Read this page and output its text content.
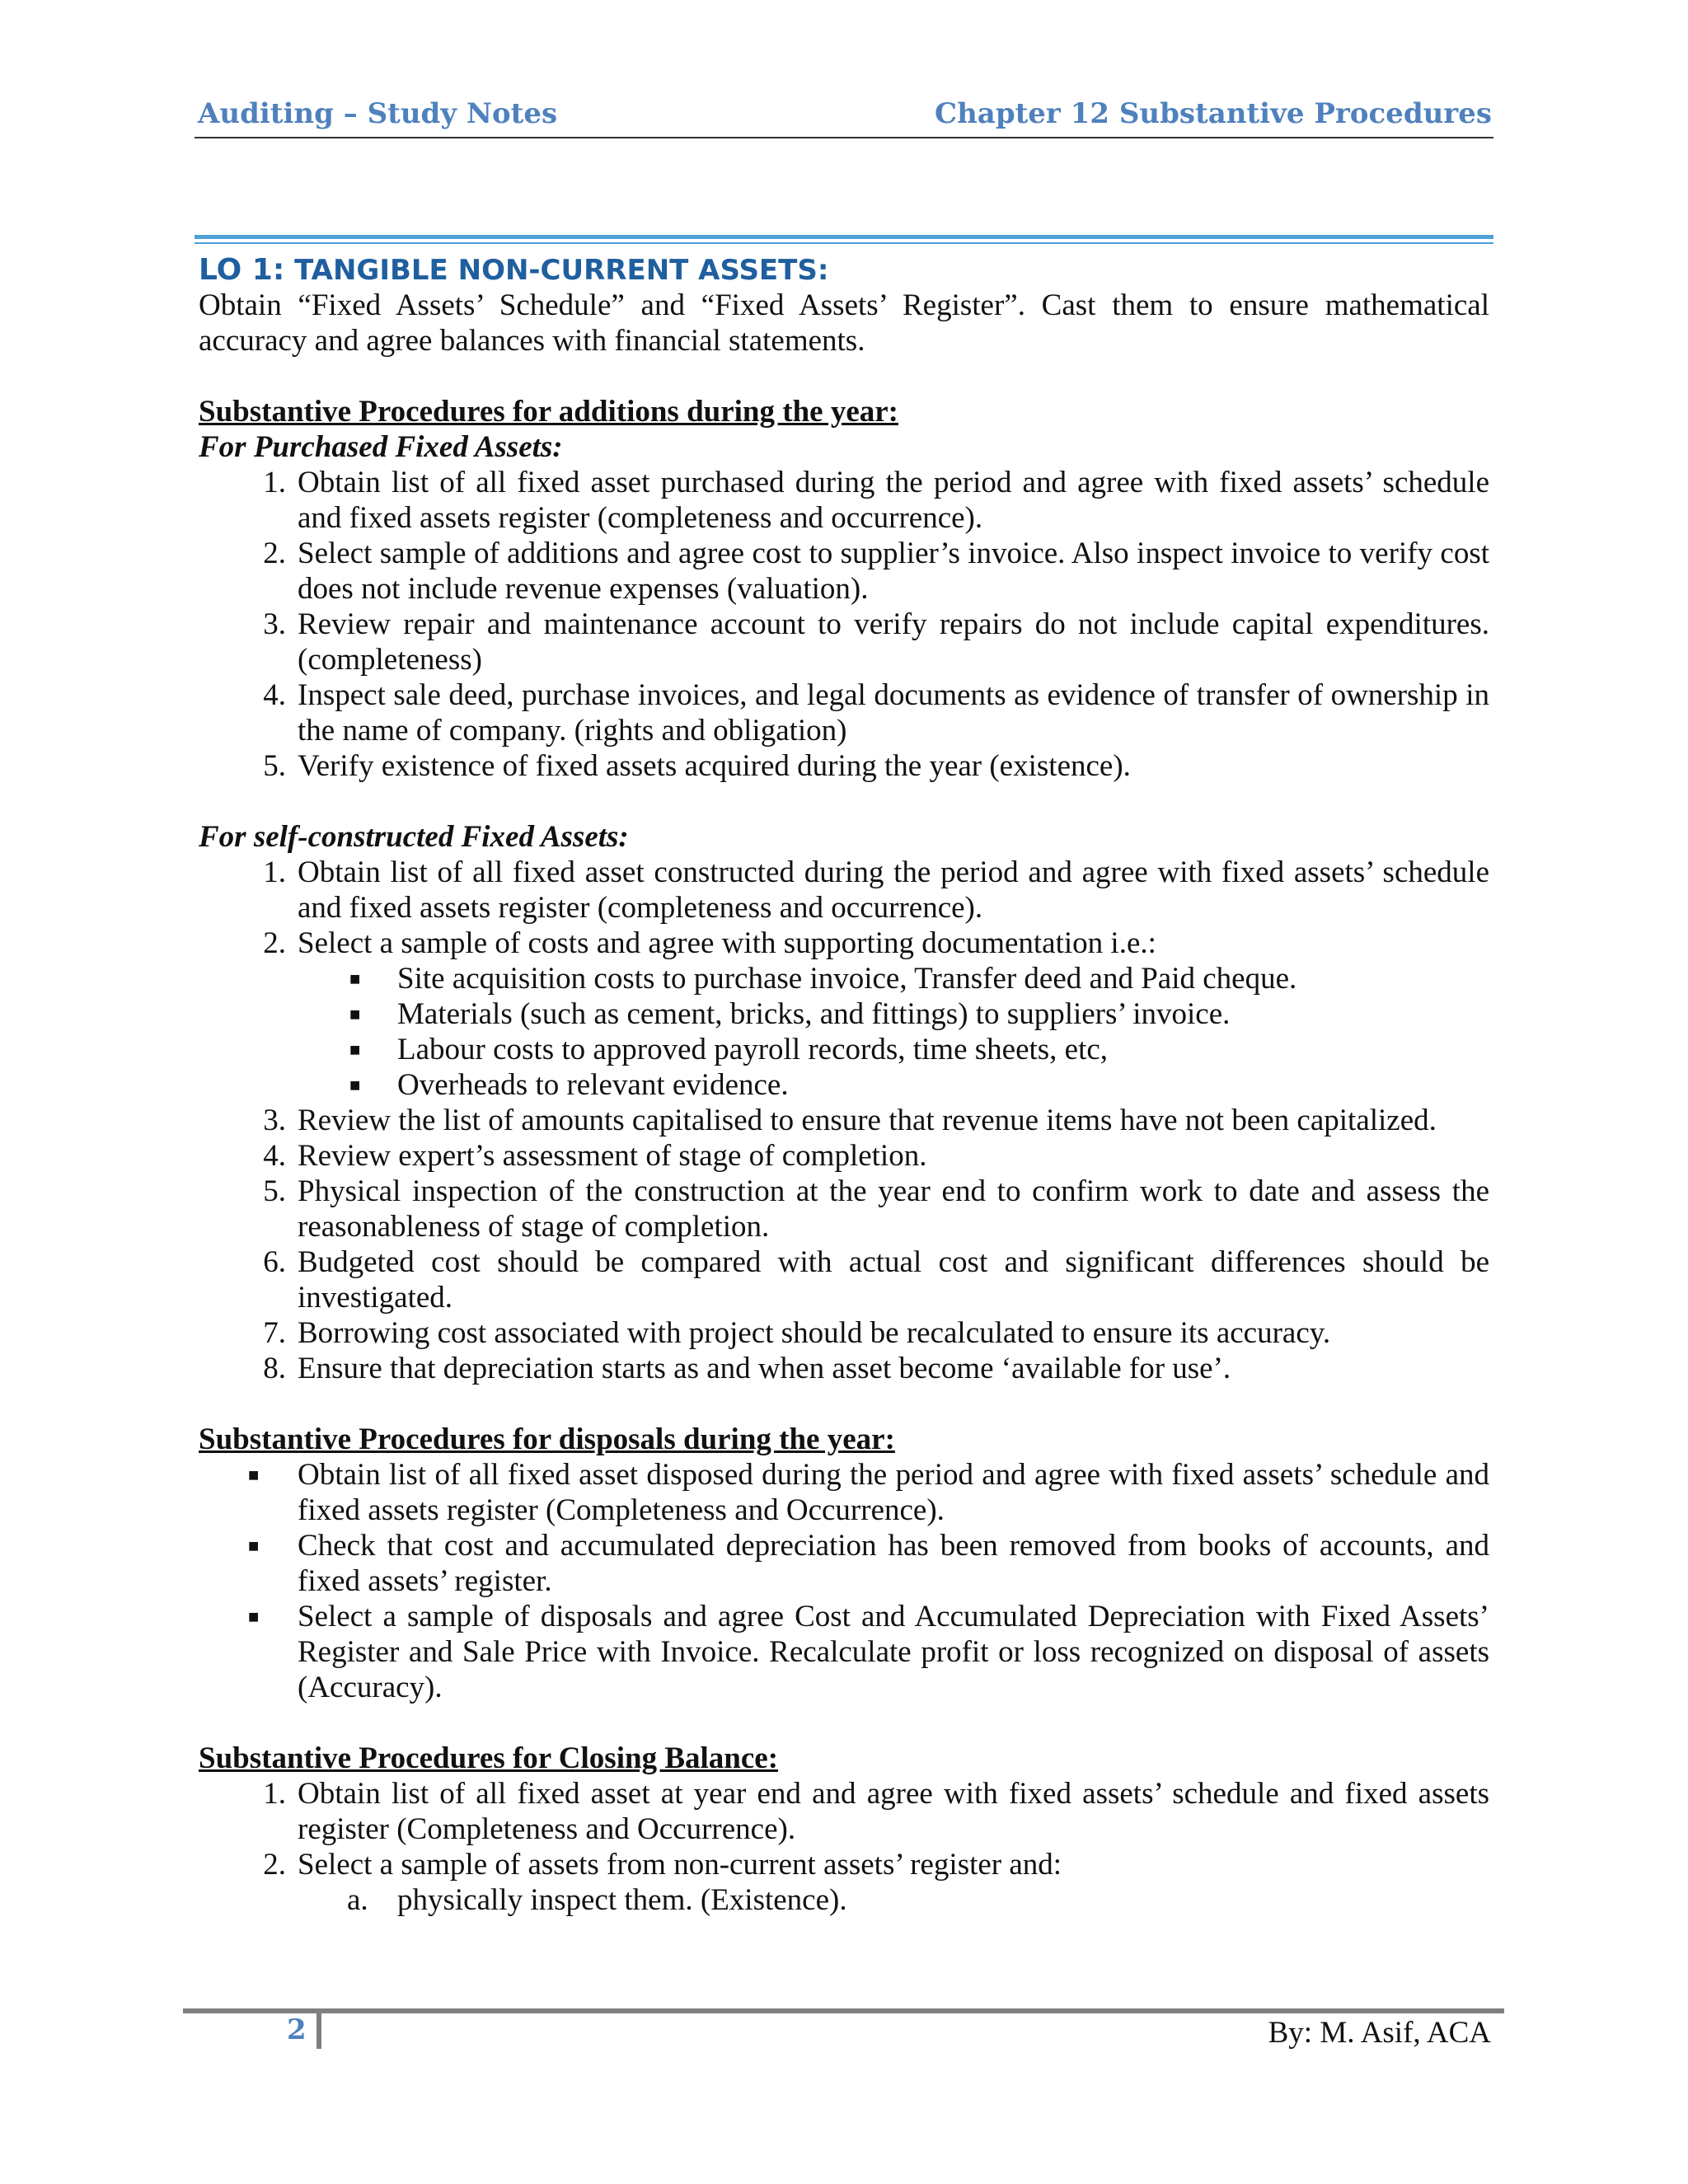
Auditing – Study Notes	Chapter 12 Substantive Procedures
LO 1: TANGIBLE NON-CURRENT ASSETS:

Obtain “Fixed Assets’ Schedule” and “Fixed Assets’ Register”. Cast them to ensure mathematical accuracy and agree balances with financial statements.

Substantive Procedures for additions during the year:

For Purchased Fixed Assets:

1. Obtain list of all fixed asset purchased during the period and agree with fixed assets’ schedule and fixed assets register (completeness and occurrence).
2. Select sample of additions and agree cost to supplier’s invoice. Also inspect invoice to verify cost does not include revenue expenses (valuation).
3. Review repair and maintenance account to verify repairs do not include capital expenditures. (completeness)
4. Inspect sale deed, purchase invoices, and legal documents as evidence of transfer of ownership in the name of company. (rights and obligation)
5. Verify existence of fixed assets acquired during the year (existence).

For self-constructed Fixed Assets:

1. Obtain list of all fixed asset constructed during the period and agree with fixed assets’ schedule and fixed assets register (completeness and occurrence).
2. Select a sample of costs and agree with supporting documentation i.e.:
■ Site acquisition costs to purchase invoice, Transfer deed and Paid cheque.
■ Materials (such as cement, bricks, and fittings) to suppliers’ invoice.
■ Labour costs to approved payroll records, time sheets, etc,
■ Overheads to relevant evidence.
3. Review the list of amounts capitalised to ensure that revenue items have not been capitalized.
4. Review expert’s assessment of stage of completion.
5. Physical inspection of the construction at the year end to confirm work to date and assess the reasonableness of stage of completion.
6. Budgeted cost should be compared with actual cost and significant differences should be investigated.
7. Borrowing cost associated with project should be recalculated to ensure its accuracy.
8. Ensure that depreciation starts as and when asset become ‘available for use’.

Substantive Procedures for disposals during the year:

■ Obtain list of all fixed asset disposed during the period and agree with fixed assets’ schedule and fixed assets register (Completeness and Occurrence).
■ Check that cost and accumulated depreciation has been removed from books of accounts, and fixed assets’ register.
■ Select a sample of disposals and agree Cost and Accumulated Depreciation with Fixed Assets’ Register and Sale Price with Invoice. Recalculate profit or loss recognized on disposal of assets (Accuracy).

Substantive Procedures for Closing Balance:

1. Obtain list of all fixed asset at year end and agree with fixed assets’ schedule and fixed assets register (Completeness and Occurrence).
2. Select a sample of assets from non-current assets’ register and:
a. physically inspect them. (Existence).
2	By: M. Asif, ACA
